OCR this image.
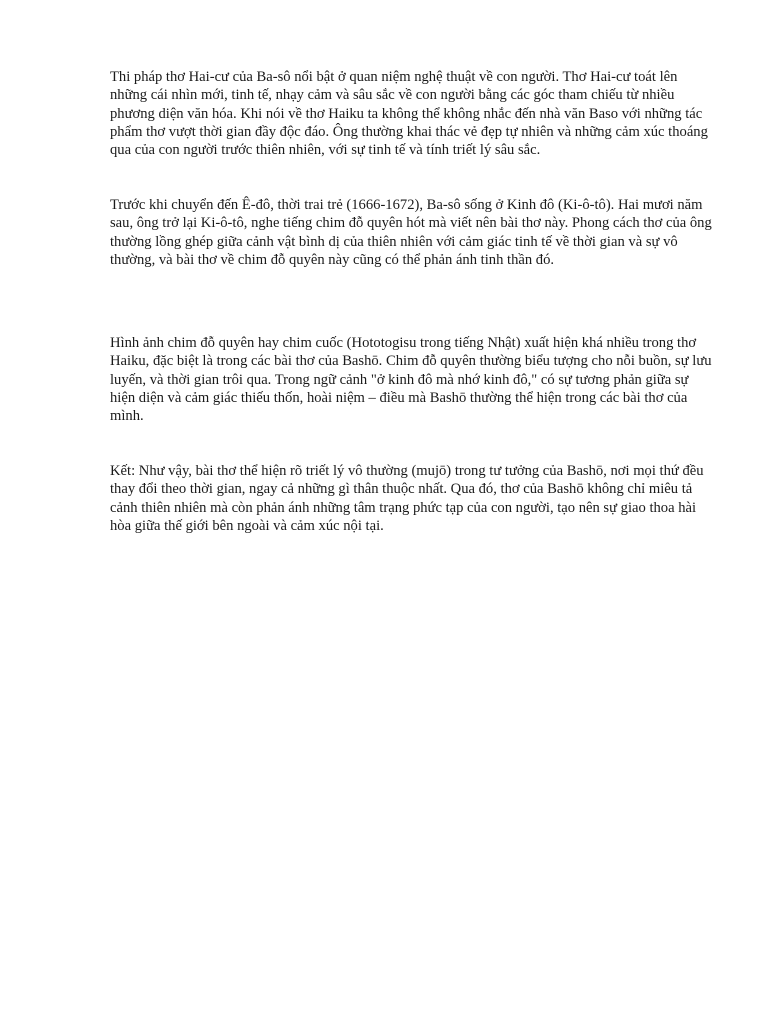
Thi pháp thơ Hai-cư của Ba-sô nổi bật ở quan niệm nghệ thuật về con người. Thơ Hai-cư toát lên những cái nhìn mới, tinh tế, nhạy cảm và sâu sắc về con người bằng các góc tham chiếu từ nhiều phương diện văn hóa. Khi nói về thơ Haiku ta không thể không nhắc đến nhà văn Baso với những tác phẩm thơ vượt thời gian đầy độc đáo. Ông thường khai thác vẻ đẹp tự nhiên và những cảm xúc thoáng qua của con người trước thiên nhiên, với sự tinh tế và tính triết lý sâu sắc.

Trước khi chuyển đến Ê-đô, thời trai trẻ (1666-1672), Ba-sô sống ở Kinh đô (Ki-ô-tô). Hai mươi năm sau, ông trở lại Ki-ô-tô, nghe tiếng chim đỗ quyên hót mà viết nên bài thơ này. Phong cách thơ của ông thường lồng ghép giữa cảnh vật bình dị của thiên nhiên với cảm giác tinh tế về thời gian và sự vô thường, và bài thơ về chim đỗ quyên này cũng có thể phản ánh tinh thần đó.

Hình ảnh chim đỗ quyên hay chim cuốc (Hototogisu trong tiếng Nhật) xuất hiện khá nhiều trong thơ Haiku, đặc biệt là trong các bài thơ của Bashō. Chim đỗ quyên thường biểu tượng cho nỗi buồn, sự lưu luyến, và thời gian trôi qua. Trong ngữ cảnh "ở kinh đô mà nhớ kinh đô," có sự tương phản giữa sự hiện diện và cảm giác thiếu thốn, hoài niệm – điều mà Bashō thường thể hiện trong các bài thơ của mình.

Kết: Như vậy, bài thơ thể hiện rõ triết lý vô thường (mujō) trong tư tưởng của Bashō, nơi mọi thứ đều thay đổi theo thời gian, ngay cả những gì thân thuộc nhất. Qua đó, thơ của Bashō không chỉ miêu tả cảnh thiên nhiên mà còn phản ánh những tâm trạng phức tạp của con người, tạo nên sự giao thoa hài hòa giữa thế giới bên ngoài và cảm xúc nội tại.
